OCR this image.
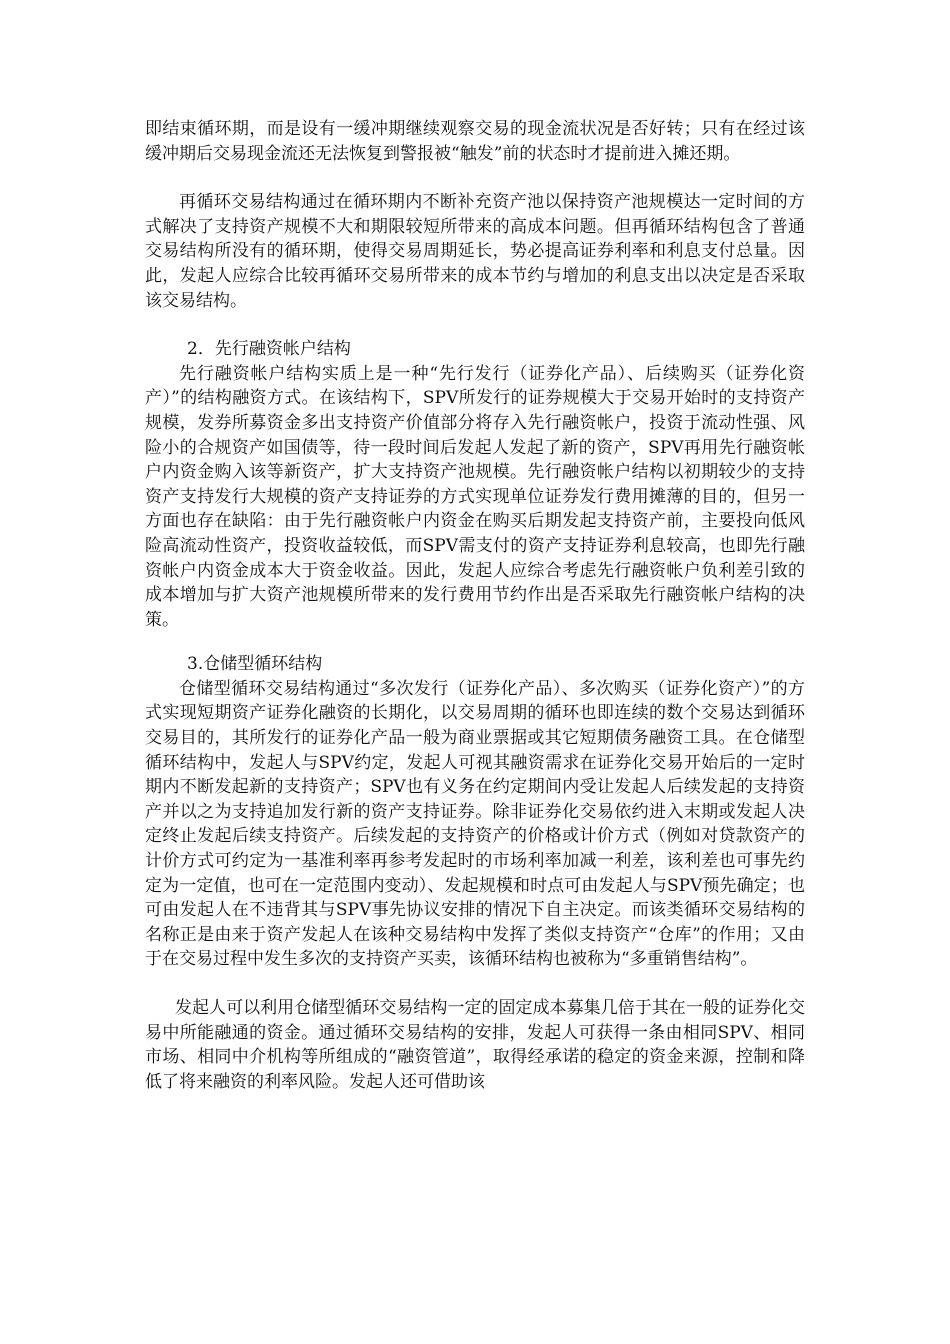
即结束循环期，而是设有一缓冲期继续观察交易的现金流状况是否好转；只有在经过该缓冲期后交易现金流还无法恢复到警报被“触发”前的状态时才提前进入摊还期。

再循环交易结构通过在循环期内不断补充资产池以保持资产池规模达一定时间的方式解决了支持资产规模不大和期限较短所带来的高成本问题。但再循环结构包含了普通交易结构所没有的循环期，使得交易周期延长，势必提高证券利率和利息支付总量。因此，发起人应综合比较再循环交易所带来的成本节约与增加的利息支出以决定是否采取该交易结构。

2．先行融资帐户结构

先行融资帐户结构实质上是一种“先行发行（证券化产品）、后续购买（证券化资产）”的结构融资方式。在该结构下，SPV所发行的证券规模大于交易开始时的支持资产规模，发券所募资金多出支持资产价值部分将存入先行融资帐户，投资于流动性强、风险小的合规资产如国债等，待一段时间后发起人发起了新的资产，SPV再用先行融资帐户内资金购入该等新资产，扩大支持资产池规模。先行融资帐户结构以初期较少的支持资产支持发行大规模的资产支持证券的方式实现单位证券发行费用摊薄的目的，但另一方面也存在缺陷：由于先行融资帐户内资金在购买后期发起支持资产前，主要投向低风险高流动性资产，投资收益较低，而SPV需支付的资产支持证券利息较高，也即先行融资帐户内资金成本大于资金收益。因此，发起人应综合考虑先行融资帐户负利差引致的成本增加与扩大资产池规模所带来的发行费用节约作出是否采取先行融资帐户结构的决策。

3.仓储型循环结构

仓储型循环交易结构通过“多次发行（证券化产品）、多次购买（证券化资产）”的方式实现短期资产证券化融资的长期化，以交易周期的循环也即连续的数个交易达到循环交易目的，其所发行的证券化产品一般为商业票据或其它短期债务融资工具。在仓储型循环结构中，发起人与SPV约定，发起人可视其融资需求在证券化交易开始后的一定时期内不断发起新的支持资产；SPV也有义务在约定期间内受让发起人后续发起的支持资产并以之为支持追加发行新的资产支持证券。除非证券化交易依约进入末期或发起人决定终止发起后续支持资产。后续发起的支持资产的价格或计价方式（例如对贷款资产的计价方式可约定为一基准利率再参考发起时的市场利率加减一利差，该利差也可事先约定为一定值，也可在一定范围内变动）、发起规模和时点可由发起人与SPV预先确定；也可由发起人在不违背其与SPV事先协议安排的情况下自主决定。而该类循环交易结构的名称正是由来于资产发起人在该种交易结构中发挥了类似支持资产“仓库”的作用；又由于在交易过程中发生多次的支持资产买卖，该循环结构也被称为“多重销售结构”。

发起人可以利用仓储型循环交易结构一定的固定成本募集几倍于其在一般的证券化交易中所能融通的资金。通过循环交易结构的安排，发起人可获得一条由相同SPV、相同市场、相同中介机构等所组成的“融资管道”，取得经承诺的稳定的资金来源，控制和降低了将来融资的利率风险。发起人还可借助该
